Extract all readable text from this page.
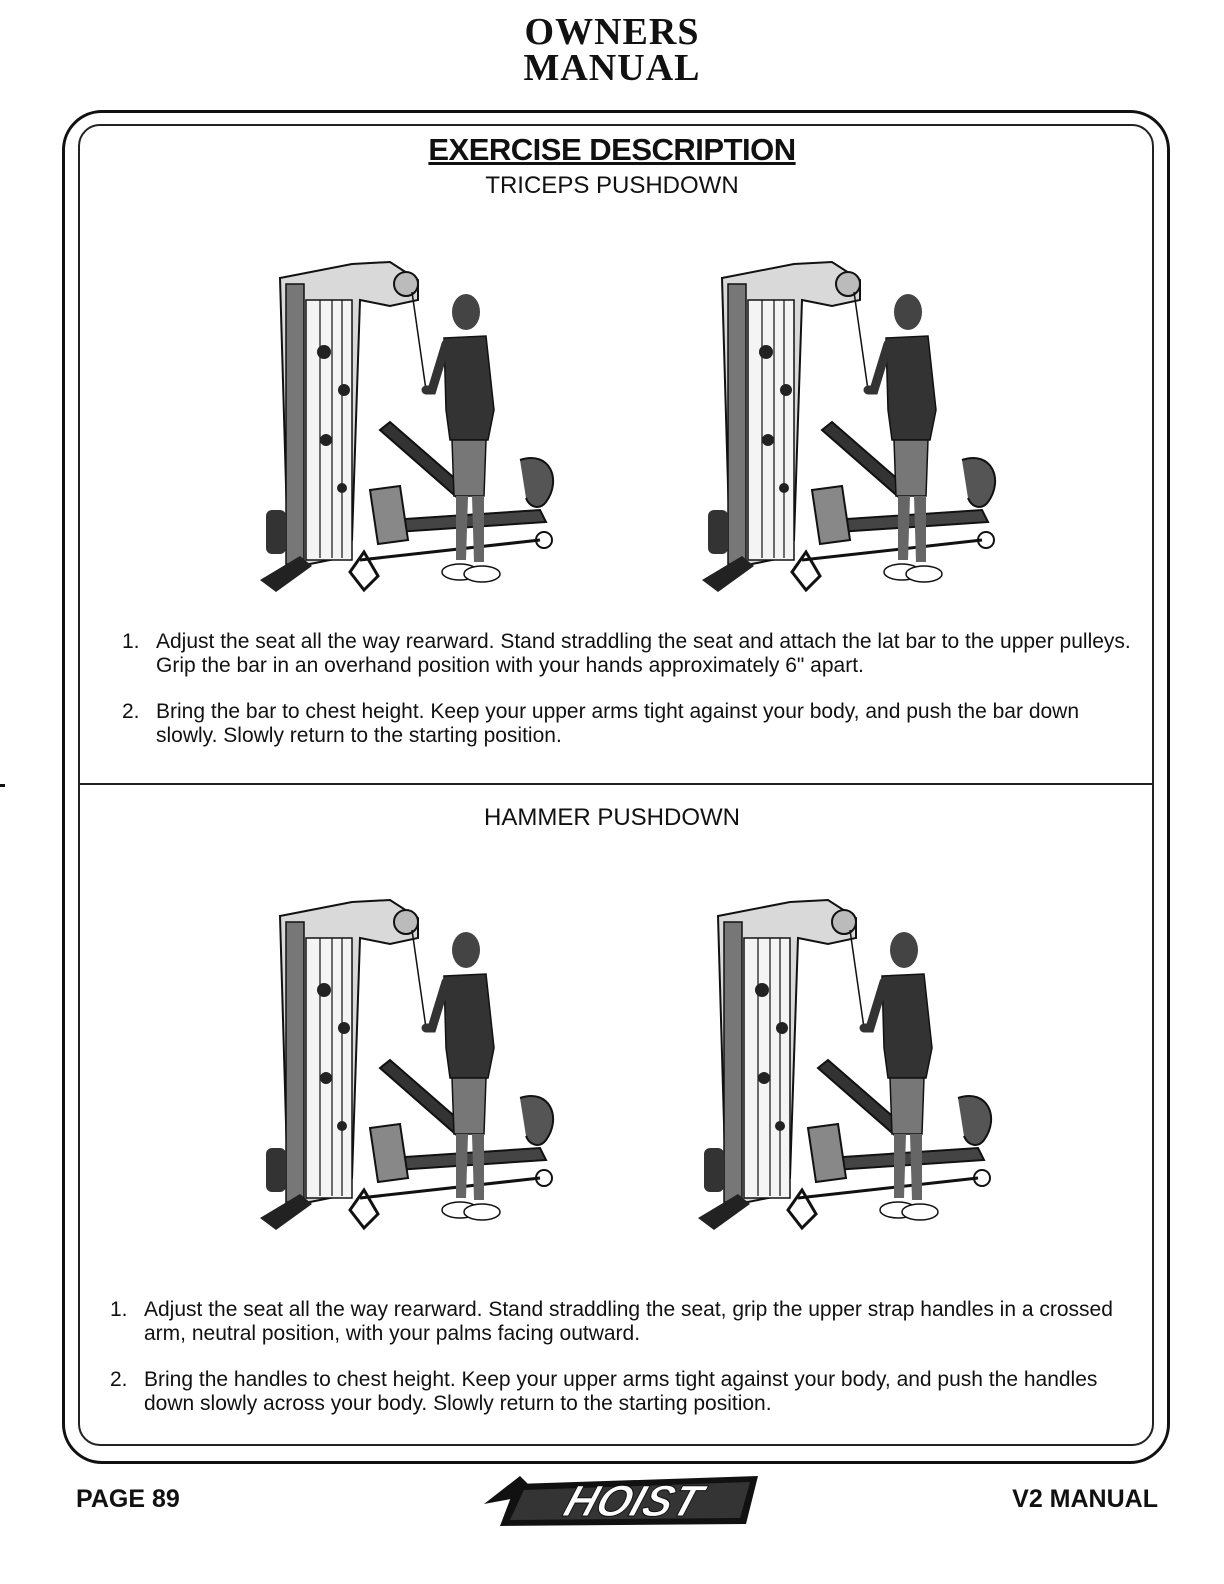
OWNERS
MANUAL
EXERCISE DESCRIPTION
TRICEPS PUSHDOWN
1. Adjust the seat all the way rearward. Stand straddling the seat and attach the lat bar to the upper pulleys. Grip the bar in an overhand position with your hands approximately 6" apart.
2. Bring the bar to chest height. Keep your upper arms tight against your body, and push the bar down slowly. Slowly return to the starting position.
HAMMER PUSHDOWN
1. Adjust the seat all the way rearward. Stand straddling the seat, grip the upper strap handles in a crossed arm, neutral position, with your palms facing outward.
2. Bring the handles to chest height. Keep your upper arms tight against your body, and push the handles down slowly across your body. Slowly return to the starting position.
PAGE 89	V2 MANUAL
HOIST
